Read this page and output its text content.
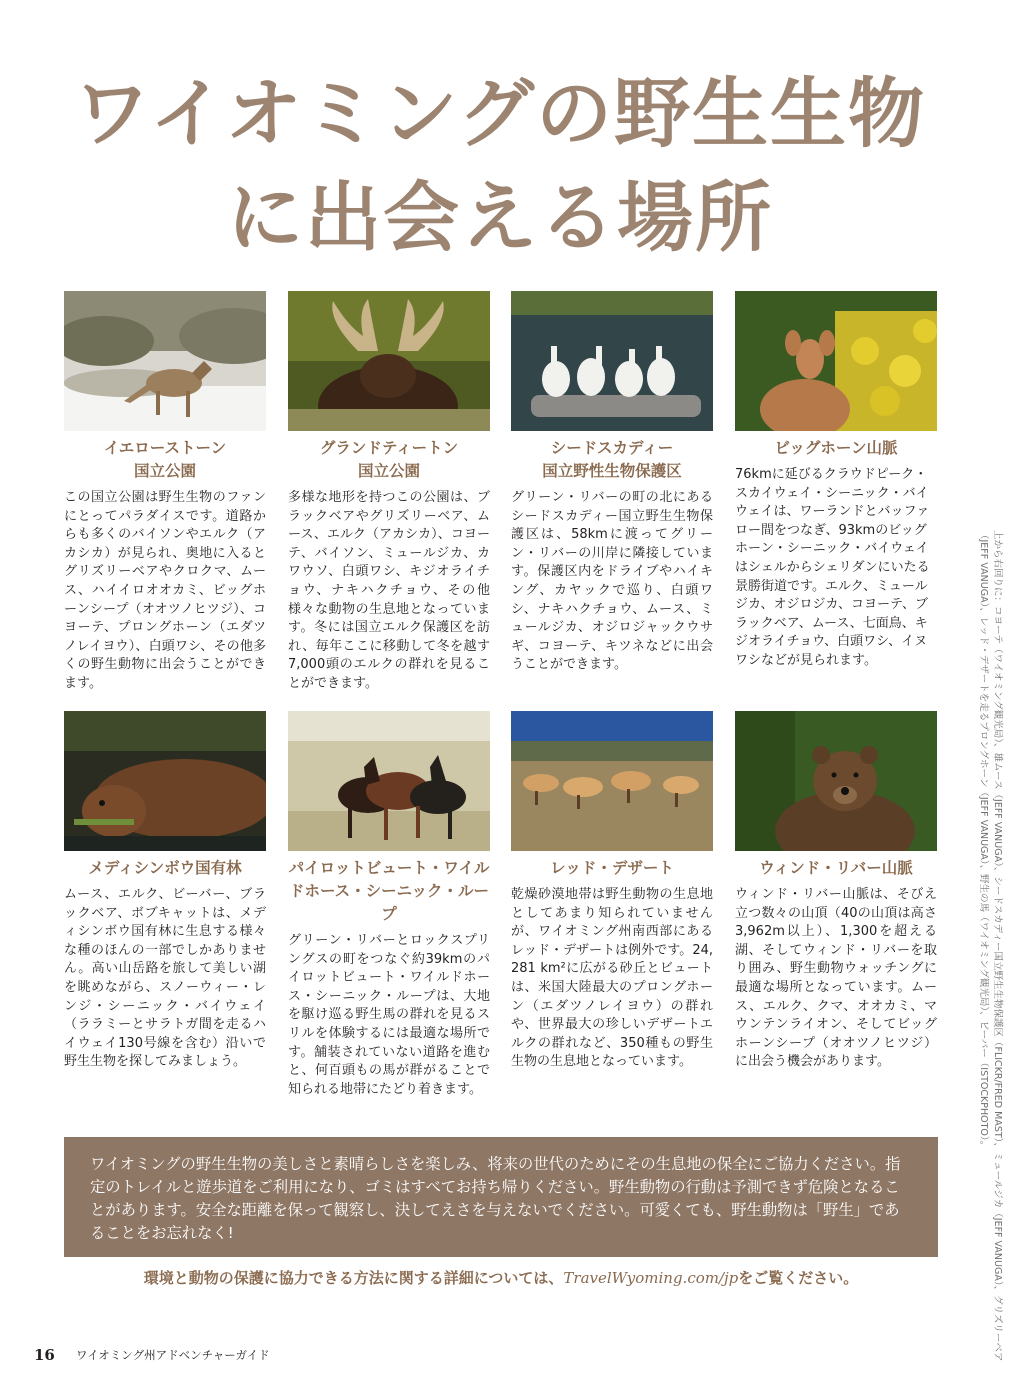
ワイオミングの野生生物
に出会える場所
イエローストーン
国立公園
この国立公園は野生生物のファンにとってパラダイスです。道路からも多くのバイソンやエルク（アカシカ）が見られ、奥地に入るとグリズリーベアやクロクマ、ムース、ハイイロオオカミ、ビッグホーンシープ（オオツノヒツジ）、コヨーテ、プロングホーン（エダツノレイヨウ）、白頭ワシ、その他多くの野生動物に出会うことができます。
グランドティートン
国立公園
多様な地形を持つこの公園は、ブラックベアやグリズリーベア、ムース、エルク（アカシカ）、コヨーテ、バイソン、ミュールジカ、カワウソ、白頭ワシ、キジオライチョウ、ナキハクチョウ、その他様々な動物の生息地となっています。冬には国立エルク保護区を訪れ、毎年ここに移動して冬を越す7,000頭のエルクの群れを見ることができます。
シードスカディー
国立野性生物保護区
グリーン・リバーの町の北にあるシードスカディー国立野生生物保護区は、58kmに渡ってグリーン・リバーの川岸に隣接しています。保護区内をドライブやハイキング、カヤックで巡り、白頭ワシ、ナキハクチョウ、ムース、ミュールジカ、オジロジャックウサギ、コヨーテ、キツネなどに出会うことができます。
ビッグホーン山脈
76kmに延びるクラウドピーク・スカイウェイ・シーニック・バイウェイは、ワーランドとバッファロー間をつなぎ、93kmのビッグホーン・シーニック・バイウェイはシェルからシェリダンにいたる景勝街道です。エルク、ミュールジカ、オジロジカ、コヨーテ、ブラックベア、ムース、七面鳥、キジオライチョウ、白頭ワシ、イヌワシなどが見られます。
メディシンボウ国有林
ムース、エルク、ビーバー、ブラックベア、ボブキャットは、メディシンボウ国有林に生息する様々な種のほんの一部でしかありません。高い山岳路を旅して美しい湖を眺めながら、スノーウィー・レンジ・シーニック・バイウェイ（ララミーとサラトガ間を走るハイウェイ130号線を含む）沿いで野生生物を探してみましょう。
パイロットビュート・ワイルドホース・シーニック・ループ
グリーン・リバーとロックスプリングスの町をつなぐ約39kmのパイロットビュート・ワイルドホース・シーニック・ループは、大地を駆け巡る野生馬の群れを見るスリルを体験するには最適な場所です。舗装されていない道路を進むと、何百頭もの馬が群がることで知られる地帯にたどり着きます。
レッド・デザート
乾燥砂漠地帯は野生動物の生息地としてあまり知られていませんが、ワイオミング州南西部にあるレッド・デザートは例外です。24,281 km²に広がる砂丘とビュートは、米国大陸最大のプロングホーン（エダツノレイヨウ）の群れや、世界最大の珍しいデザートエルクの群れなど、350種もの野生生物の生息地となっています。
ウィンド・リバー山脈
ウィンド・リバー山脈は、そびえ立つ数々の山頂（40の山頂は高さ3,962m以上）、1,300を超える湖、そしてウィンド・リバーを取り囲み、野生動物ウォッチングに最適な場所となっています。ムース、エルク、クマ、オオカミ、マウンテンライオン、そしてビッグホーンシープ（オオツノヒツジ）に出会う機会があります。
ワイオミングの野生生物の美しさと素晴らしさを楽しみ、将来の世代のためにその生息地の保全にご協力ください。指定のトレイルと遊歩道をご利用になり、ゴミはすべてお持ち帰りください。野生動物の行動は予測できず危険となることがあります。安全な距離を保って観察し、決してえさを与えないでください。可愛くても、野生動物は「野生」であることをお忘れなく!
環境と動物の保護に協力できる方法に関する詳細については、TravelWyoming.com/jpをご覧ください。
16 ワイオミング州アドベンチャーガイド	上から右回りに：コヨーテ（ワイオミング観光局）、雄ムース（JEFF VANUGA）、シードスカディー国立野生生物保護区（FLICKR/FRED MAST）、ミュールジカ（JEFF VANUGA）、グリズリーベア（JEFF VANUGA）、レッド・デザートを走るプロングホーン（JEFF VANUGA）、野生の馬（ワイオミング観光局）、ビーバー（ISTOCKPHOTO）。
